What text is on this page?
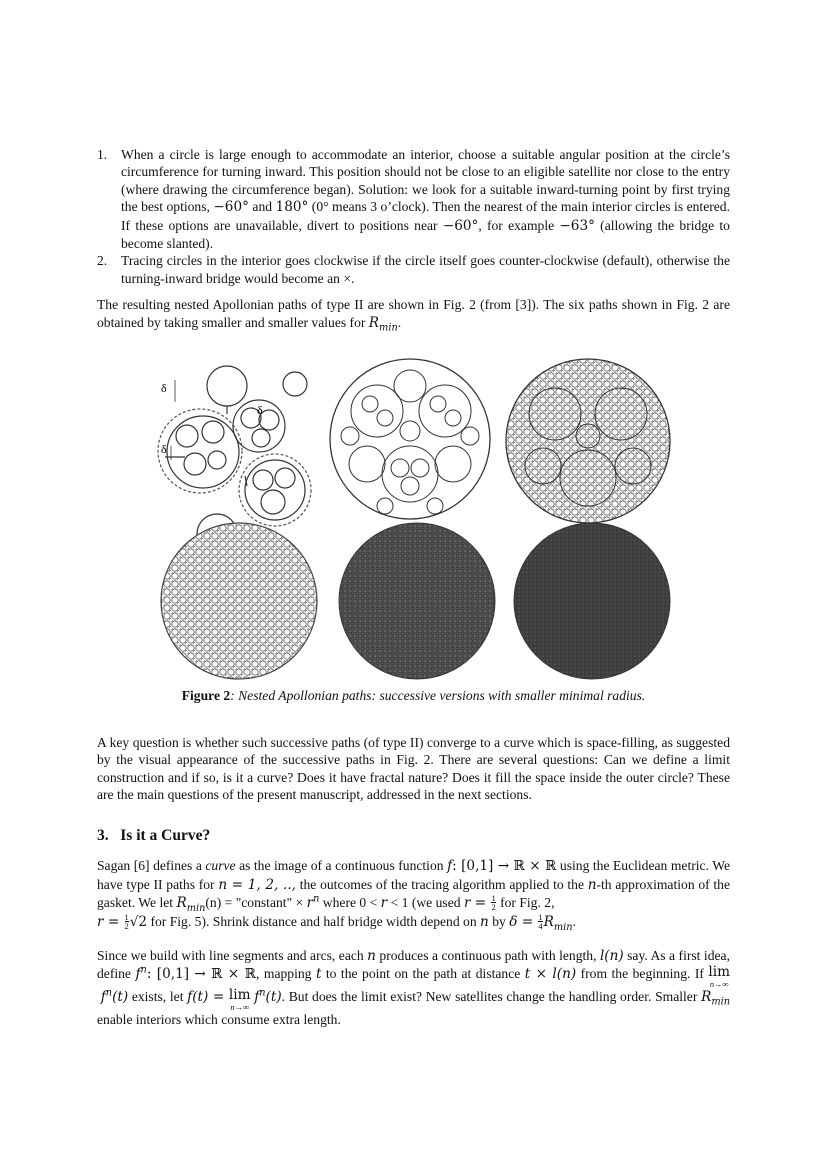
1. When a circle is large enough to accommodate an interior, choose a suitable angular position at the circle’s circumference for turning inward. This position should not be close to an eligible satellite nor close to the entry (where drawing the circumference began). Solution: we look for a suitable inward-turning point by first trying the best options, −60° and 180° (0° means 3 o’clock). Then the nearest of the main interior circles is entered. If these options are unavailable, divert to positions near −60°, for example −63° (allowing the bridge to become slanted).
2. Tracing circles in the interior goes clockwise if the circle itself goes counter-clockwise (default), otherwise the turning-inward bridge would become an ×.

The resulting nested Apollonian paths of type II are shown in Fig. 2 (from [3]). The six paths shown in Fig. 2 are obtained by taking smaller and smaller values for $R_{min}$.

δ
δ
δ
Figure 2: Nested Apollonian paths: successive versions with smaller minimal radius.

A key question is whether such successive paths (of type II) converge to a curve which is space-filling, as suggested by the visual appearance of the successive paths in Fig. 2. There are several questions: Can we define a limit construction and if so, is it a curve? Does it have fractal nature? Does it fill the space inside the outer circle? These are the main questions of the present manuscript, addressed in the next sections.

3. Is it a Curve?

Sagan [6] defines a curve as the image of a continuous function f: [0,1] → ℝ × ℝ using the Euclidean metric. We have type II paths for n = 1, 2, .., the outcomes of the tracing algorithm applied to the n-th approximation of the gasket. We let $R_{min}(n)$ = "constant" × $r^n$ where 0 < r < 1 (we used $r = \frac{1}{2}$ for Fig. 2,
$r = \frac{1}{2} √2$ for Fig. 5). Shrink distance and half bridge width depend on n by $\delta = \frac{1}{4} R_{min}$.

Since we build with line segments and arcs, each n produces a continuous path with length, l(n) say. As a first idea, define $f^n$: [0,1] → ℝ × ℝ, mapping t to the point on the path at distance t × l(n) from the beginning. If lim
n→∞
$f^n(t)$ exists, let f(t) = lim
n→∞
$f^n(t)$. But does the limit exist? New satellites change the handling order. Smaller $R_{min}$ enable interiors which consume extra length.
